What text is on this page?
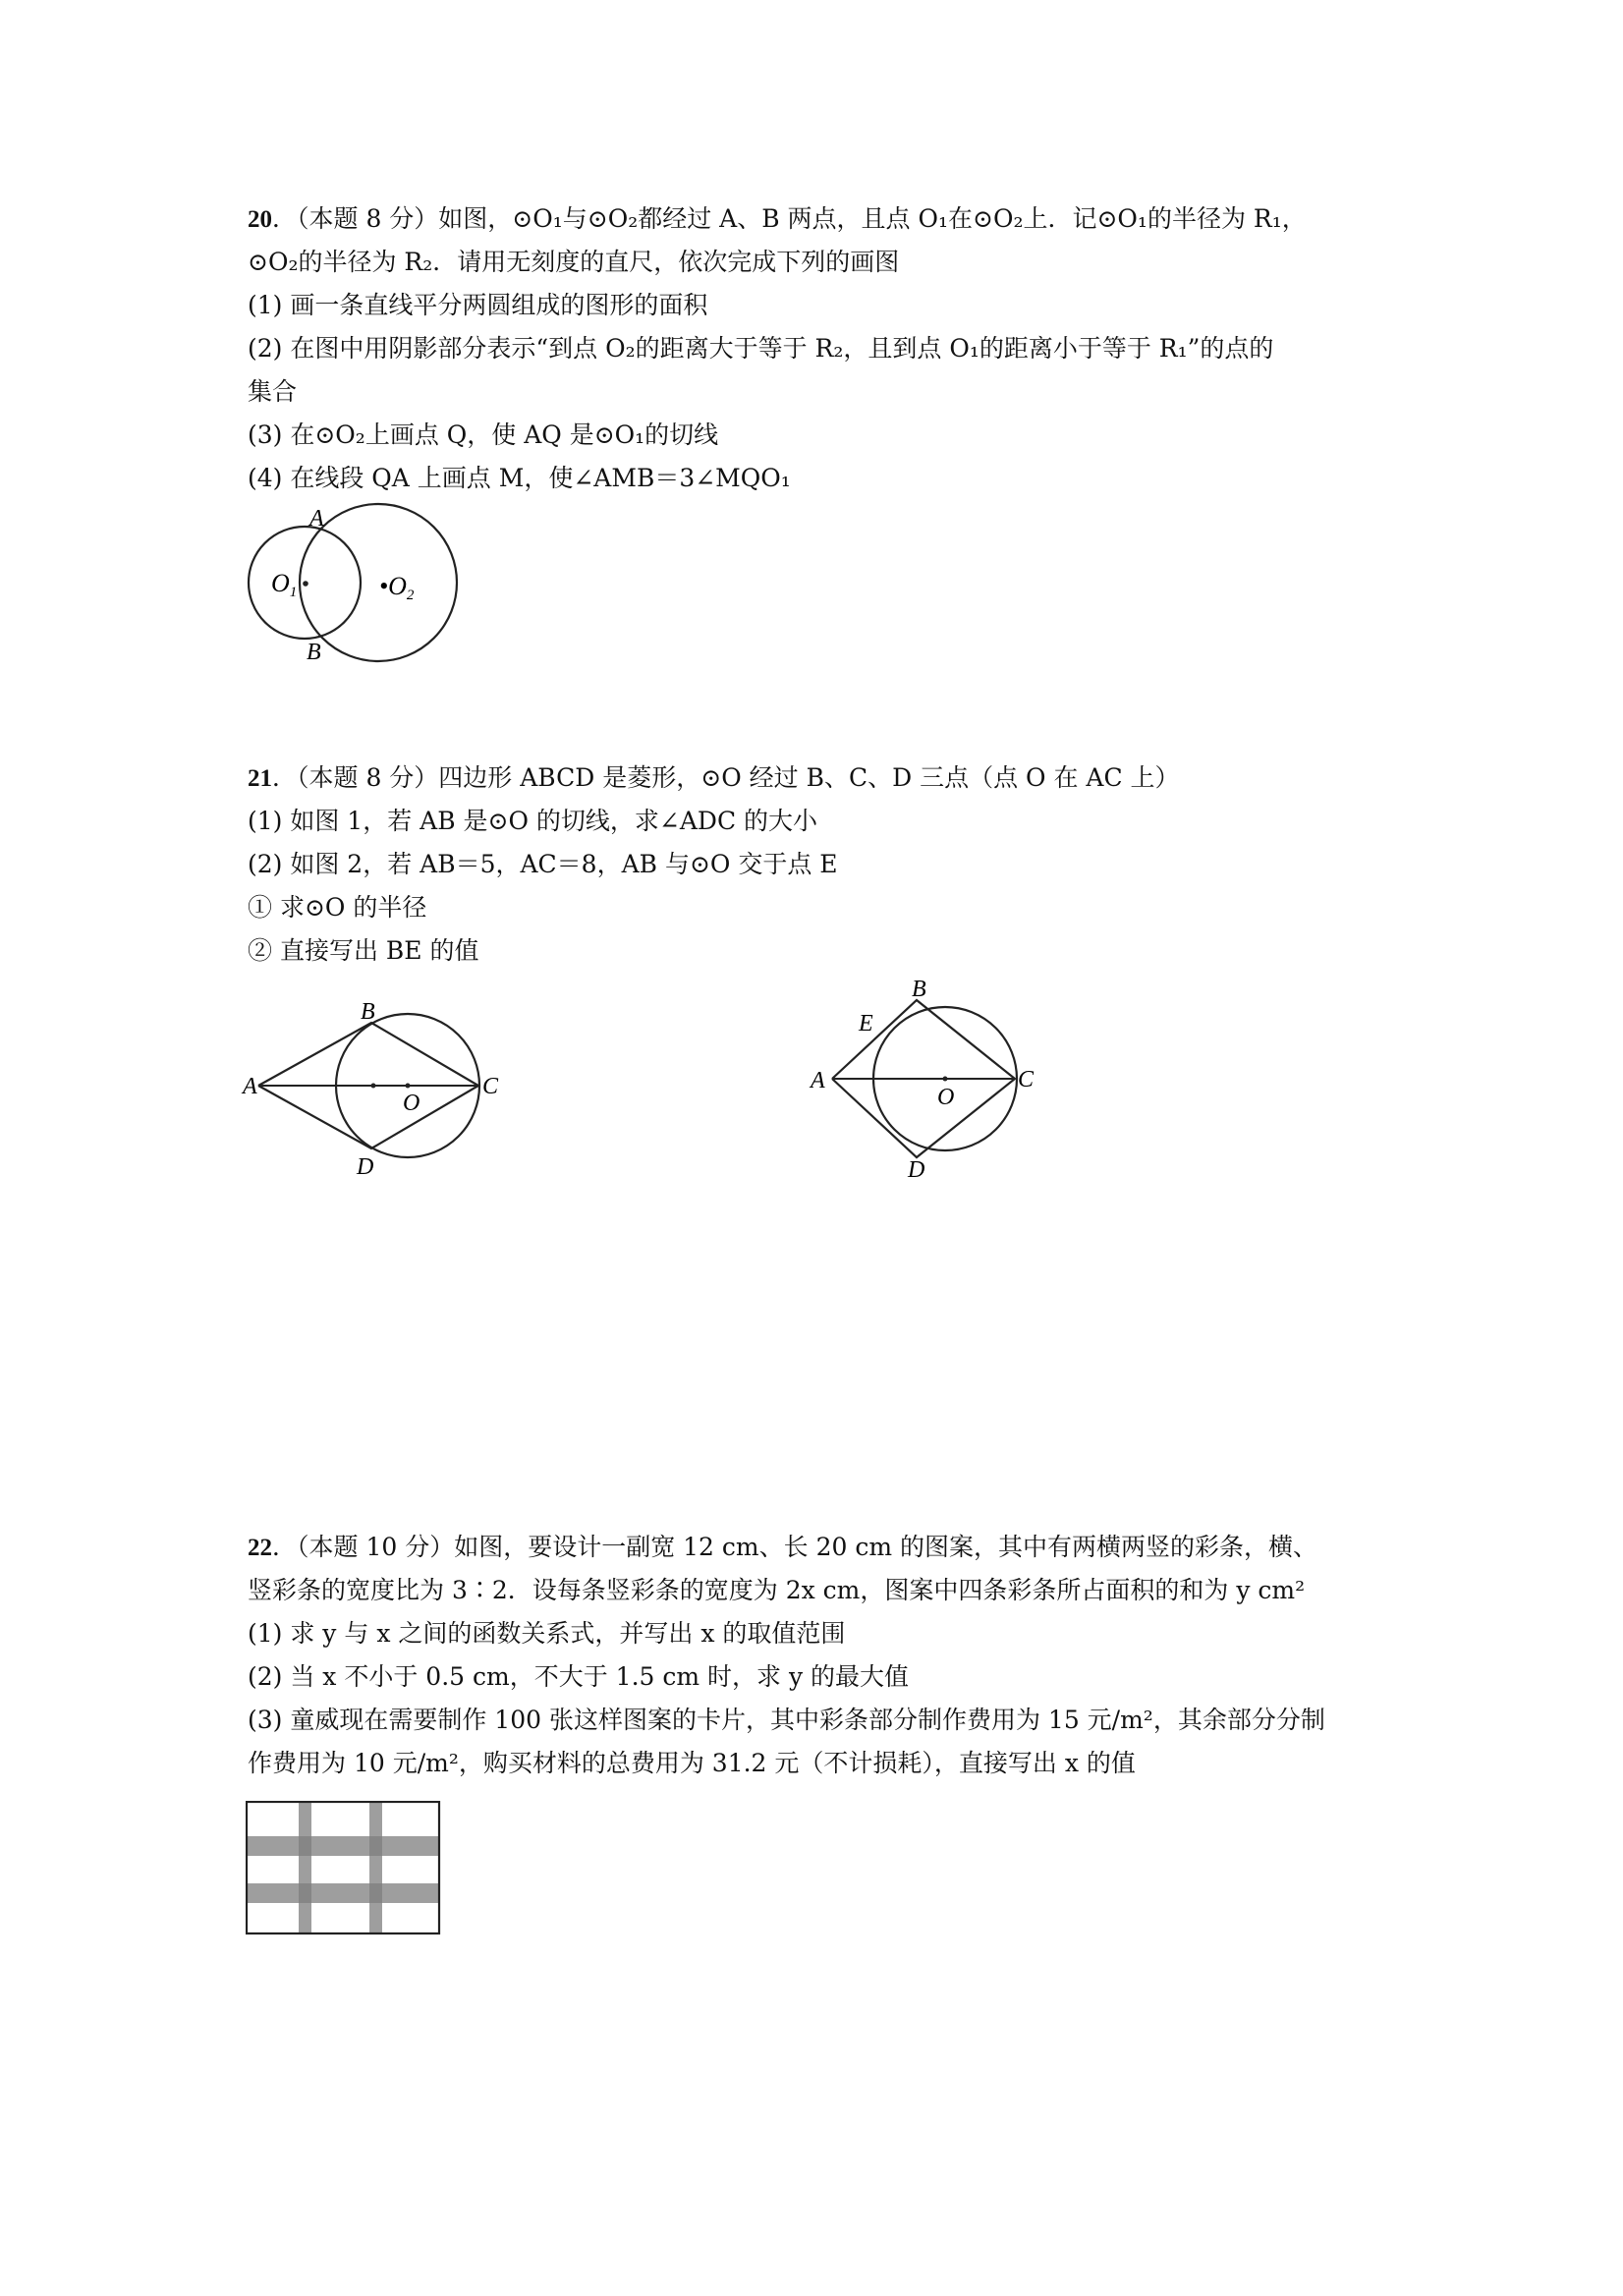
20．（本题 8 分）如图，⊙O₁与⊙O₂都经过 A、B 两点，且点 O₁在⊙O₂上．记⊙O₁的半径为 R₁，
⊙O₂的半径为 R₂．请用无刻度的直尺，依次完成下列的画图
(1) 画一条直线平分两圆组成的图形的面积
(2) 在图中用阴影部分表示“到点 O₂的距离大于等于 R₂，且到点 O₁的距离小于等于 R₁”的点的
集合
(3) 在⊙O₂上画点 Q，使 AQ 是⊙O₁的切线
(4) 在线段 QA 上画点 M，使∠AMB＝3∠MQO₁
A
B
O1	•O2
21．（本题 8 分）四边形 ABCD 是菱形，⊙O 经过 B、C、D 三点（点 O 在 AC 上）
(1) 如图 1，若 AB 是⊙O 的切线，求∠ADC 的大小
(2) 如图 2，若 AB＝5，AC＝8，AB 与⊙O 交于点 E
① 求⊙O 的半径
② 直接写出 BE 的值
A
B
C
D
O
A
B
E
C
D
O
22．（本题 10 分）如图，要设计一副宽 12 cm、长 20 cm 的图案，其中有两横两竖的彩条，横、
竖彩条的宽度比为 3∶2．设每条竖彩条的宽度为 2x cm，图案中四条彩条所占面积的和为 y cm²
(1) 求 y 与 x 之间的函数关系式，并写出 x 的取值范围
(2) 当 x 不小于 0.5 cm，不大于 1.5 cm 时，求 y 的最大值
(3) 童威现在需要制作 100 张这样图案的卡片，其中彩条部分制作费用为 15 元/m²，其余部分分制
作费用为 10 元/m²，购买材料的总费用为 31.2 元（不计损耗），直接写出 x 的值
